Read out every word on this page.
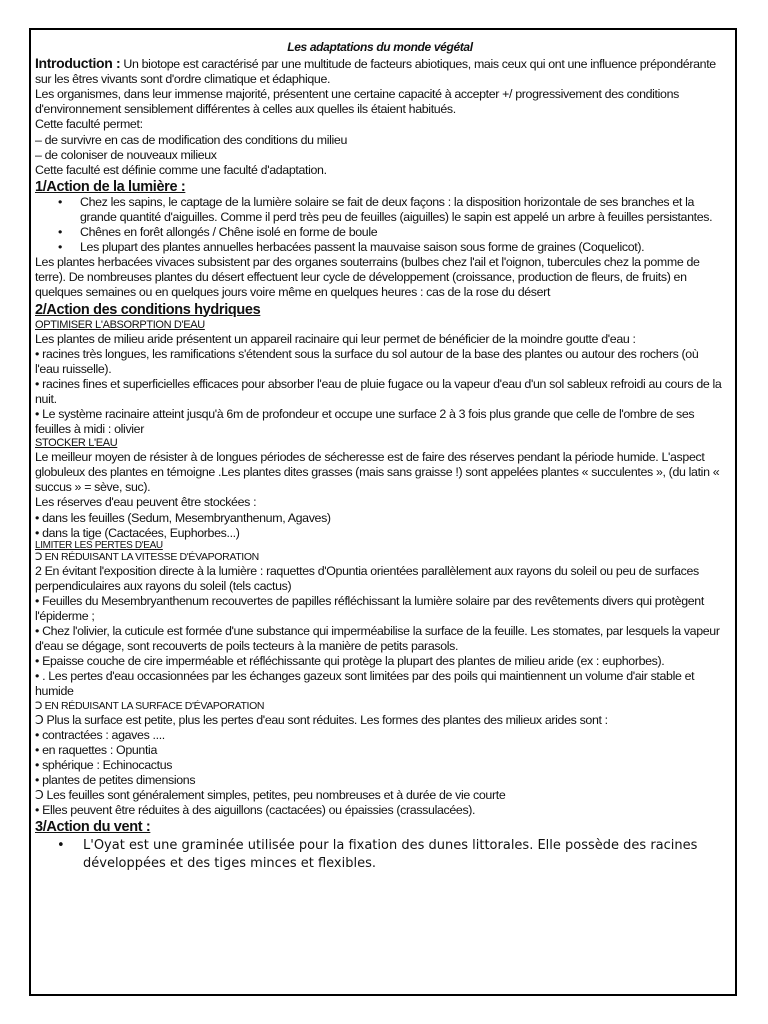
Les adaptations du monde végétal

Introduction : Un biotope est caractérisé par une multitude de facteurs abiotiques, mais ceux qui ont une influence prépondérante sur les êtres vivants sont d'ordre climatique et édaphique.

Les organismes, dans leur immense majorité, présentent une certaine capacité à accepter +/ progressivement des conditions d'environnement sensiblement différentes à celles aux quelles ils étaient habitués.

Cette faculté permet:

– de survivre en cas de modification des conditions du milieu

– de coloniser de nouveaux milieux

Cette faculté est définie comme une faculté d'adaptation.

1/Action de la lumière :

• Chez les sapins, le captage de la lumière solaire se fait de deux façons : la disposition horizontale de ses branches et la grande quantité d'aiguilles. Comme il perd très peu de feuilles (aiguilles) le sapin est appelé un arbre à feuilles persistantes.
• Chênes en forêt allongés / Chêne isolé en forme de boule
• Les plupart des plantes annuelles herbacées passent la mauvaise saison sous forme de graines (Coquelicot).

Les plantes herbacées vivaces subsistent par des organes souterrains (bulbes chez l'ail et l'oignon, tubercules chez la pomme de terre). De nombreuses plantes du désert effectuent leur cycle de développement (croissance, production de fleurs, de fruits) en quelques semaines ou en quelques jours voire même en quelques heures : cas de la rose du désert

2/Action des conditions hydriques

OPTIMISER L'ABSORPTION D'EAU

Les plantes de milieu aride présentent un appareil racinaire qui leur permet de bénéficier de la moindre goutte d'eau :

• racines très longues, les ramifications s'étendent sous la surface du sol autour de la base des plantes ou autour des rochers (où l'eau ruisselle).

• racines fines et superficielles efficaces pour absorber l'eau de pluie fugace ou la vapeur d'eau d'un sol sableux refroidi au cours de la nuit.

• Le système racinaire atteint jusqu'à 6m de profondeur et occupe une surface 2 à 3 fois plus grande que celle de l'ombre de ses feuilles à midi : olivier

STOCKER L'EAU

Le meilleur moyen de résister à de longues périodes de sécheresse est de faire des réserves pendant la période humide. L'aspect globuleux des plantes en témoigne .Les plantes dites grasses (mais sans graisse !) sont appelées plantes « succulentes », (du latin « succus » = sève, suc).

Les réserves d'eau peuvent être stockées :

• dans les feuilles (Sedum, Mesembryanthenum, Agaves)

• dans la tige (Cactacées, Euphorbes...)

LIMITER LES PERTES D'EAU

Ↄ EN RÉDUISANT LA VITESSE D'ÉVAPORATION

2 En évitant l'exposition directe à la lumière : raquettes d'Opuntia orientées parallèlement aux rayons du soleil ou peu de surfaces perpendiculaires aux rayons du soleil (tels cactus)

• Feuilles du Mesembryanthenum recouvertes de papilles réfléchissant la lumière solaire par des revêtements divers qui protègent l'épiderme ;

• Chez l'olivier, la cuticule est formée d'une substance qui imperméabilise la surface de la feuille. Les stomates, par lesquels la vapeur d'eau se dégage, sont recouverts de poils tecteurs à la manière de petits parasols.

• Epaisse couche de cire imperméable et réfléchissante qui protège la plupart des plantes de milieu aride (ex : euphorbes).

• . Les pertes d'eau occasionnées par les échanges gazeux sont limitées par des poils qui maintiennent un volume d'air stable et humide

Ↄ EN RÉDUISANT LA SURFACE D'ÉVAPORATION

Ↄ Plus la surface est petite, plus les pertes d'eau sont réduites. Les formes des plantes des milieux arides sont :

• contractées : agaves ....

• en raquettes : Opuntia

• sphérique : Echinocactus

• plantes de petites dimensions

Ↄ Les feuilles sont généralement simples, petites, peu nombreuses et à durée de vie courte

• Elles peuvent être réduites à des aiguillons (cactacées) ou épaissies (crassulacées).

3/Action du vent :

• L'Oyat est une graminée utilisée pour la fixation des dunes littorales. Elle possède des racines développées et des tiges minces et flexibles.
